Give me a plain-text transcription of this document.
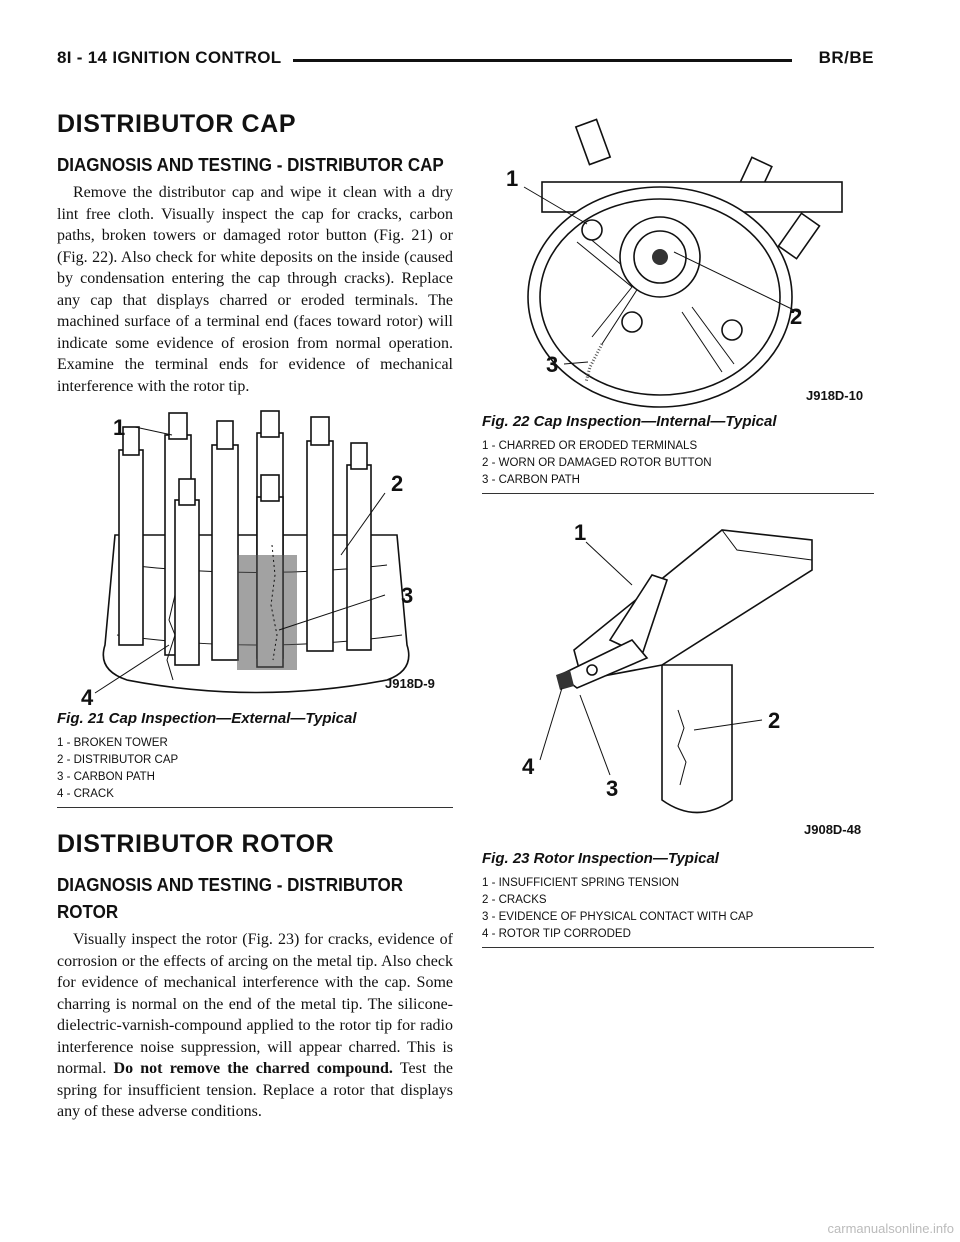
8I - 14 IGNITION CONTROL	BR/BE
DISTRIBUTOR CAP
DIAGNOSIS AND TESTING - DISTRIBUTOR CAP

Remove the distributor cap and wipe it clean with a dry lint free cloth. Visually inspect the cap for cracks, carbon paths, broken towers or damaged rotor button (Fig. 21) or (Fig. 22). Also check for white deposits on the inside (caused by condensation entering the cap through cracks). Replace any cap that displays charred or eroded terminals. The machined surface of a terminal end (faces toward rotor) will indicate some evidence of erosion from normal operation. Examine the terminal ends for evidence of mechanical interference with the rotor tip.

1
2
3
4
J918D-9
Fig. 21 Cap Inspection—External—Typical
1 - BROKEN TOWER
2 - DISTRIBUTOR CAP
3 - CARBON PATH
4 - CRACK
DISTRIBUTOR ROTOR
DIAGNOSIS AND TESTING - DISTRIBUTOR ROTOR

Visually inspect the rotor (Fig. 23) for cracks, evidence of corrosion or the effects of arcing on the metal tip. Also check for evidence of mechanical interference with the cap. Some charring is normal on the end of the metal tip. The silicone-dielectric-varnish-compound applied to the rotor tip for radio interference noise suppression, will appear charred. This is normal. Do not remove the charred compound. Test the spring for insufficient tension. Replace a rotor that displays any of these adverse conditions.

1
2
3
J918D-10
Fig. 22 Cap Inspection—Internal—Typical
1 - CHARRED OR ERODED TERMINALS
2 - WORN OR DAMAGED ROTOR BUTTON
3 - CARBON PATH
1
2
3
4
J908D-48
Fig. 23 Rotor Inspection—Typical
1 - INSUFFICIENT SPRING TENSION
2 - CRACKS
3 - EVIDENCE OF PHYSICAL CONTACT WITH CAP
4 - ROTOR TIP CORRODED
carmanualsonline.info
